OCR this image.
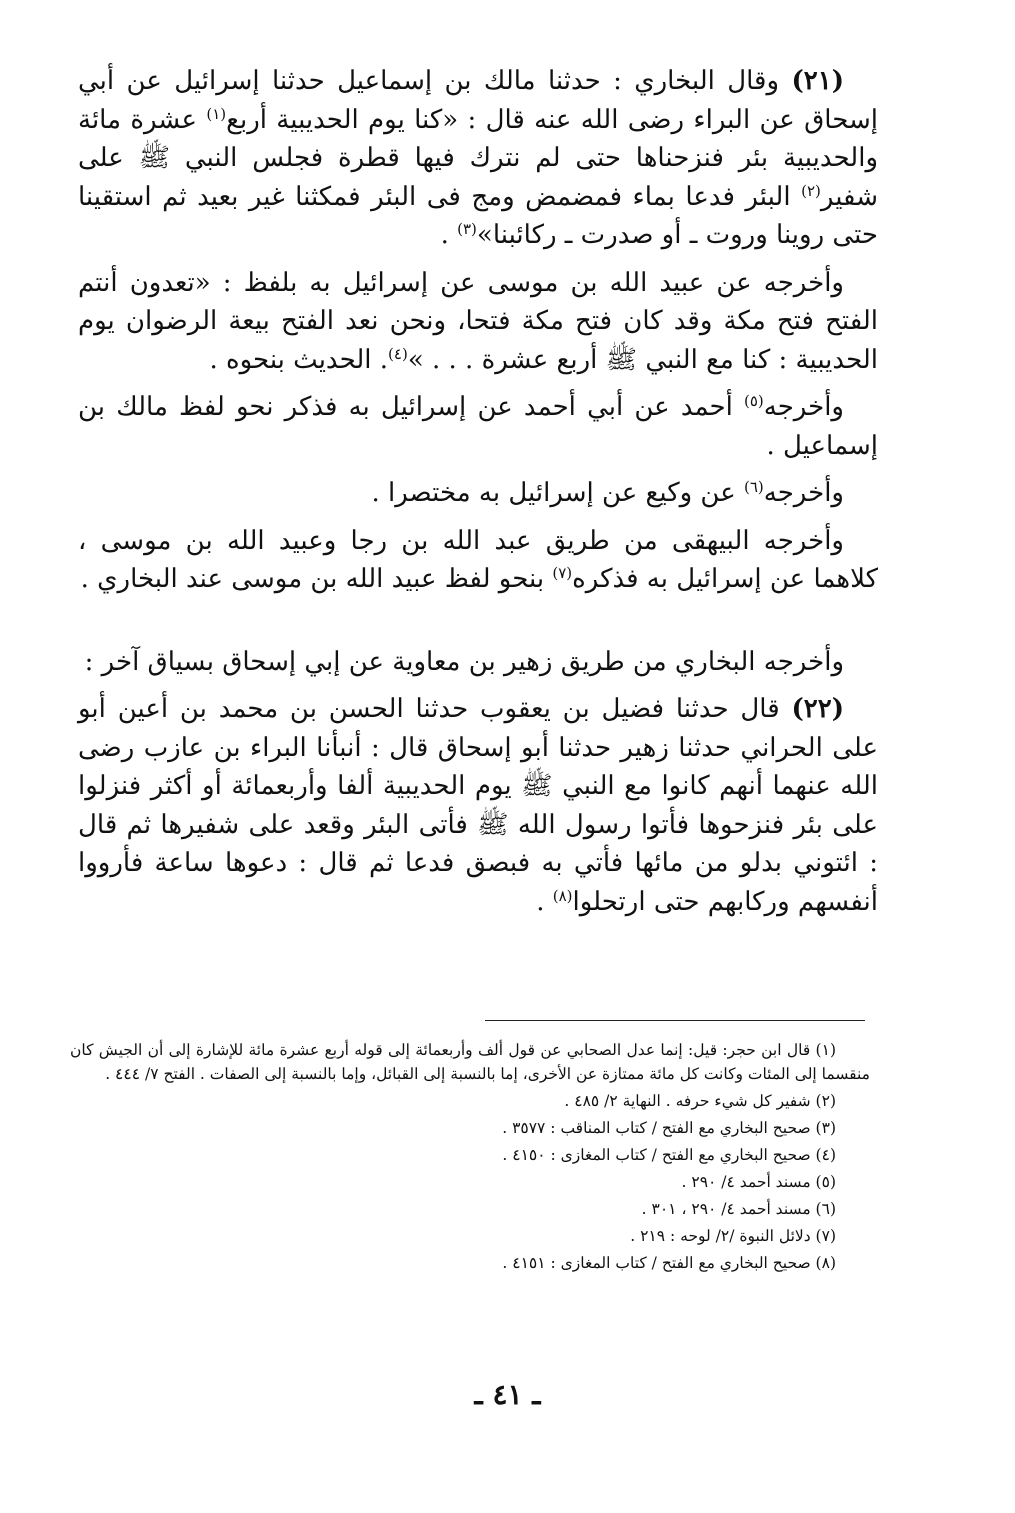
(٢١) وقال البخاري : حدثنا مالك بن إسماعيل حدثنا إسرائيل عن أبي إسحاق عن البراء رضى الله عنه قال : «كنا يوم الحديبية أربع$^{(١)}$ عشرة مائة والحديبية بئر فنزحناها حتى لم نترك فيها قطرة فجلس النبي ﷺ على شفير$^{(٢)}$ البئر فدعا بماء فمضمض ومج فى البئر فمكثنا غير بعيد ثم استقينا حتى روينا وروت ـ أو صدرت ـ ركائبنا»$^{(٣)}$ .

وأخرجه عن عبيد الله بن موسى عن إسرائيل به بلفظ : «تعدون أنتم الفتح فتح مكة وقد كان فتح مكة فتحا، ونحن نعد الفتح بيعة الرضوان يوم الحديبية : كنا مع النبي ﷺ أربع عشرة . . . »$^{(٤)}$. الحديث بنحوه .

وأخرجه$^{(٥)}$ أحمد عن أبي أحمد عن إسرائيل به فذكر نحو لفظ مالك بن إسماعيل .

وأخرجه$^{(٦)}$ عن وكيع عن إسرائيل به مختصرا .

وأخرجه البيهقى من طريق عبد الله بن رجا وعبيد الله بن موسى ، كلاهما عن إسرائيل به فذكره$^{(٧)}$ بنحو لفظ عبيد الله بن موسى عند البخاري .

وأخرجه البخاري من طريق زهير بن معاوية عن إبي إسحاق بسياق آخر :

(٢٢) قال حدثنا فضيل بن يعقوب حدثنا الحسن بن محمد بن أعين أبو على الحراني حدثنا زهير حدثنا أبو إسحاق قال : أنبأنا البراء بن عازب رضى الله عنهما أنهم كانوا مع النبي ﷺ يوم الحديبية ألفا وأربعمائة أو أكثر فنزلوا على بئر فنزحوها فأتوا رسول الله ﷺ فأتى البئر وقعد على شفيرها ثم قال : ائتوني بدلو من مائها فأتي به فبصق فدعا ثم قال : دعوها ساعة فأرووا أنفسهم وركابهم حتى ارتحلوا$^{(٨)}$ .

(١) قال ابن حجر: قيل: إنما عدل الصحابي عن قول ألف وأربعمائة إلى قوله أربع عشرة مائة للإشارة إلى أن الجيش كان منقسما إلى المئات وكانت كل مائة ممتازة عن الأخرى، إما بالنسبة إلى القبائل، وإما بالنسبة إلى الصفات . الفتح ٧/ ٤٤٤ .

(٢) شفير كل شيء حرفه . النهاية ٢/ ٤٨٥ .

(٣) صحيح البخاري مع الفتح / كتاب المناقب : ٣٥٧٧ .

(٤) صحيح البخاري مع الفتح / كتاب المغازى : ٤١٥٠ .

(٥) مسند أحمد ٤/ ٢٩٠ .

(٦) مسند أحمد ٤/ ٢٩٠ ، ٣٠١ .

(٧) دلائل النبوة /٢/ لوحه : ٢١٩ .

(٨) صحيح البخاري مع الفتح / كتاب المغازى : ٤١٥١ .

ـ ٤١ ـ
